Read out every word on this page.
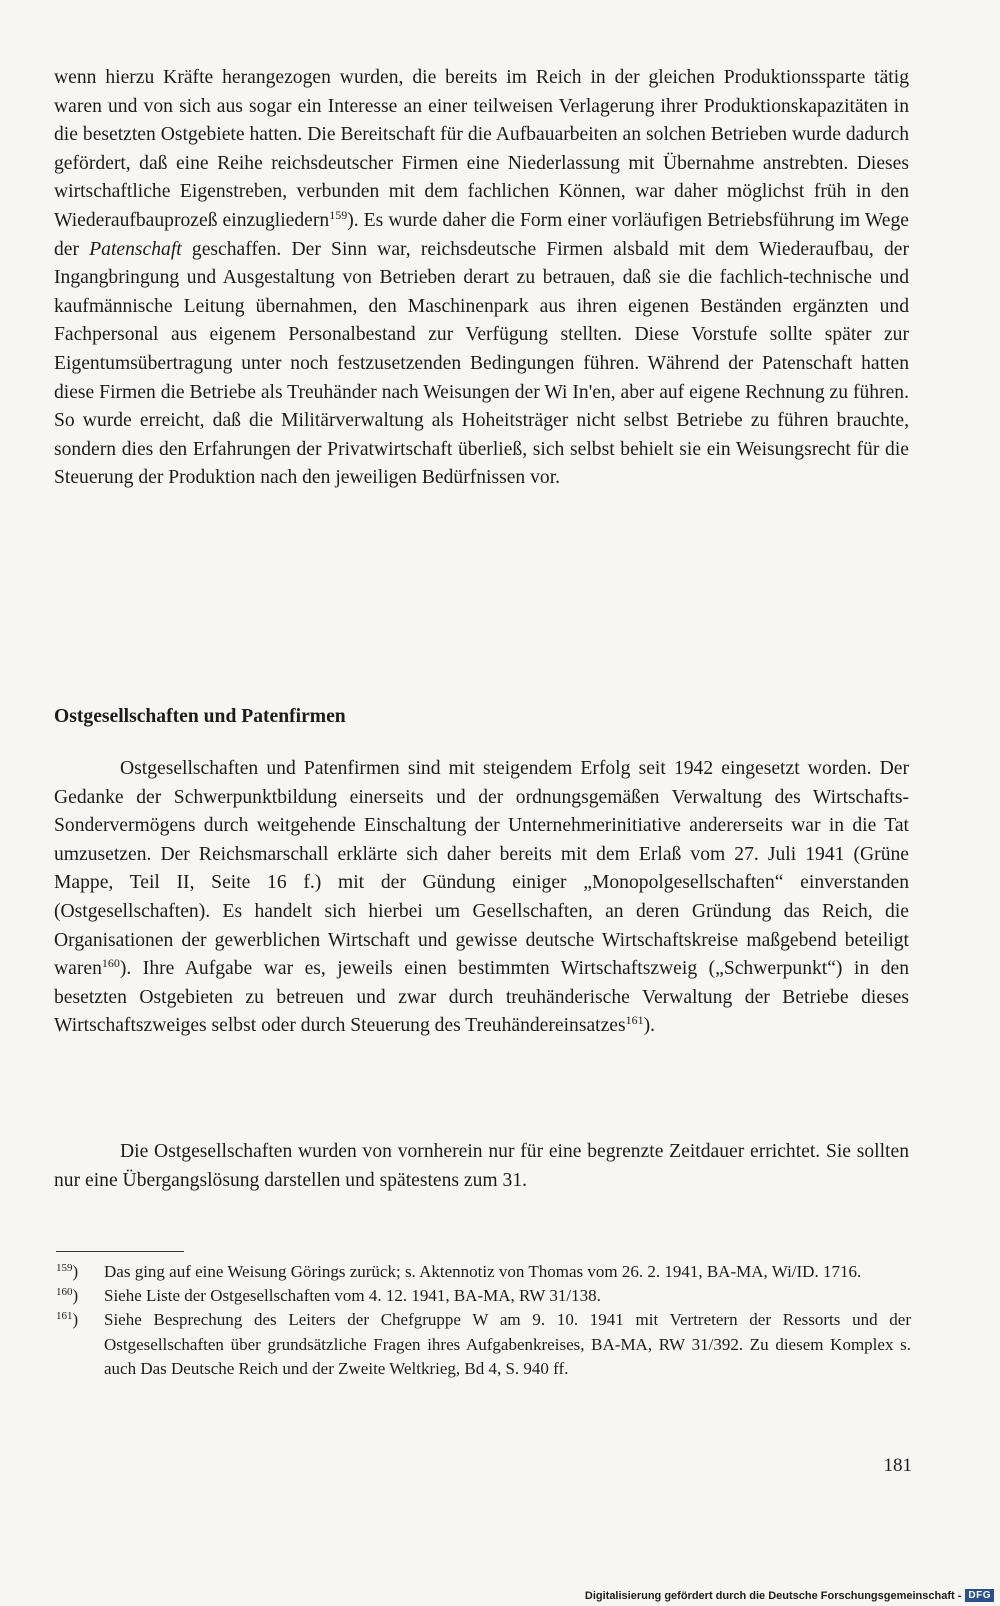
wenn hierzu Kräfte herangezogen wurden, die bereits im Reich in der gleichen Produktionssparte tätig waren und von sich aus sogar ein Interesse an einer teilweisen Verlagerung ihrer Produktionskapazitäten in die besetzten Ostgebiete hatten. Die Bereitschaft für die Aufbauarbeiten an solchen Betrieben wurde dadurch gefördert, daß eine Reihe reichsdeutscher Firmen eine Niederlassung mit Übernahme anstrebten. Dieses wirtschaftliche Eigenstreben, verbunden mit dem fachlichen Können, war daher möglichst früh in den Wiederaufbauprozeß einzugliedern$^{159}$). Es wurde daher die Form einer vorläufigen Betriebsführung im Wege der Patenschaft geschaffen. Der Sinn war, reichsdeutsche Firmen alsbald mit dem Wiederaufbau, der Ingangbringung und Ausgestaltung von Betrieben derart zu betrauen, daß sie die fachlich-technische und kaufmännische Leitung übernahmen, den Maschinenpark aus ihren eigenen Beständen ergänzten und Fachpersonal aus eigenem Personalbestand zur Verfügung stellten. Diese Vorstufe sollte später zur Eigentumsübertragung unter noch festzusetzenden Bedingungen führen. Während der Patenschaft hatten diese Firmen die Betriebe als Treuhänder nach Weisungen der Wi In'en, aber auf eigene Rechnung zu führen. So wurde erreicht, daß die Militärverwaltung als Hoheitsträger nicht selbst Betriebe zu führen brauchte, sondern dies den Erfahrungen der Privatwirtschaft überließ, sich selbst behielt sie ein Weisungsrecht für die Steuerung der Produktion nach den jeweiligen Bedürfnissen vor.

Ostgesellschaften und Patenfirmen

Ostgesellschaften und Patenfirmen sind mit steigendem Erfolg seit 1942 eingesetzt worden. Der Gedanke der Schwerpunktbildung einerseits und der ordnungsgemäßen Verwaltung des Wirtschafts-Sondervermögens durch weitgehende Einschaltung der Unternehmerinitiative andererseits war in die Tat umzusetzen. Der Reichsmarschall erklärte sich daher bereits mit dem Erlaß vom 27. Juli 1941 (Grüne Mappe, Teil II, Seite 16 f.) mit der Gündung einiger „Monopolgesellschaften“ einverstanden (Ostgesellschaften). Es handelt sich hierbei um Gesellschaften, an deren Gründung das Reich, die Organisationen der gewerblichen Wirtschaft und gewisse deutsche Wirtschaftskreise maßgebend beteiligt waren$^{160}$). Ihre Aufgabe war es, jeweils einen bestimmten Wirtschaftszweig („Schwerpunkt“) in den besetzten Ostgebieten zu betreuen und zwar durch treuhänderische Verwaltung der Betriebe dieses Wirtschaftszweiges selbst oder durch Steuerung des Treuhändereinsatzes$^{161}$).

Die Ostgesellschaften wurden von vornherein nur für eine begrenzte Zeitdauer errichtet. Sie sollten nur eine Übergangslösung darstellen und spätestens zum 31.

$^{159}$)	Das ging auf eine Weisung Görings zurück; s. Aktennotiz von Thomas vom 26. 2. 1941, BA-MA, Wi/ID. 1716.
$^{160}$)	Siehe Liste der Ostgesellschaften vom 4. 12. 1941, BA-MA, RW 31/138.
$^{161}$)	Siehe Besprechung des Leiters der Chefgruppe W am 9. 10. 1941 mit Vertretern der Ressorts und der Ostgesellschaften über grundsätzliche Fragen ihres Aufgabenkreises, BA-MA, RW 31/392. Zu diesem Komplex s. auch Das Deutsche Reich und der Zweite Weltkrieg, Bd 4, S. 940 ff.

181

Digitalisierung gefördert durch die Deutsche Forschungsgemeinschaft - DFG
